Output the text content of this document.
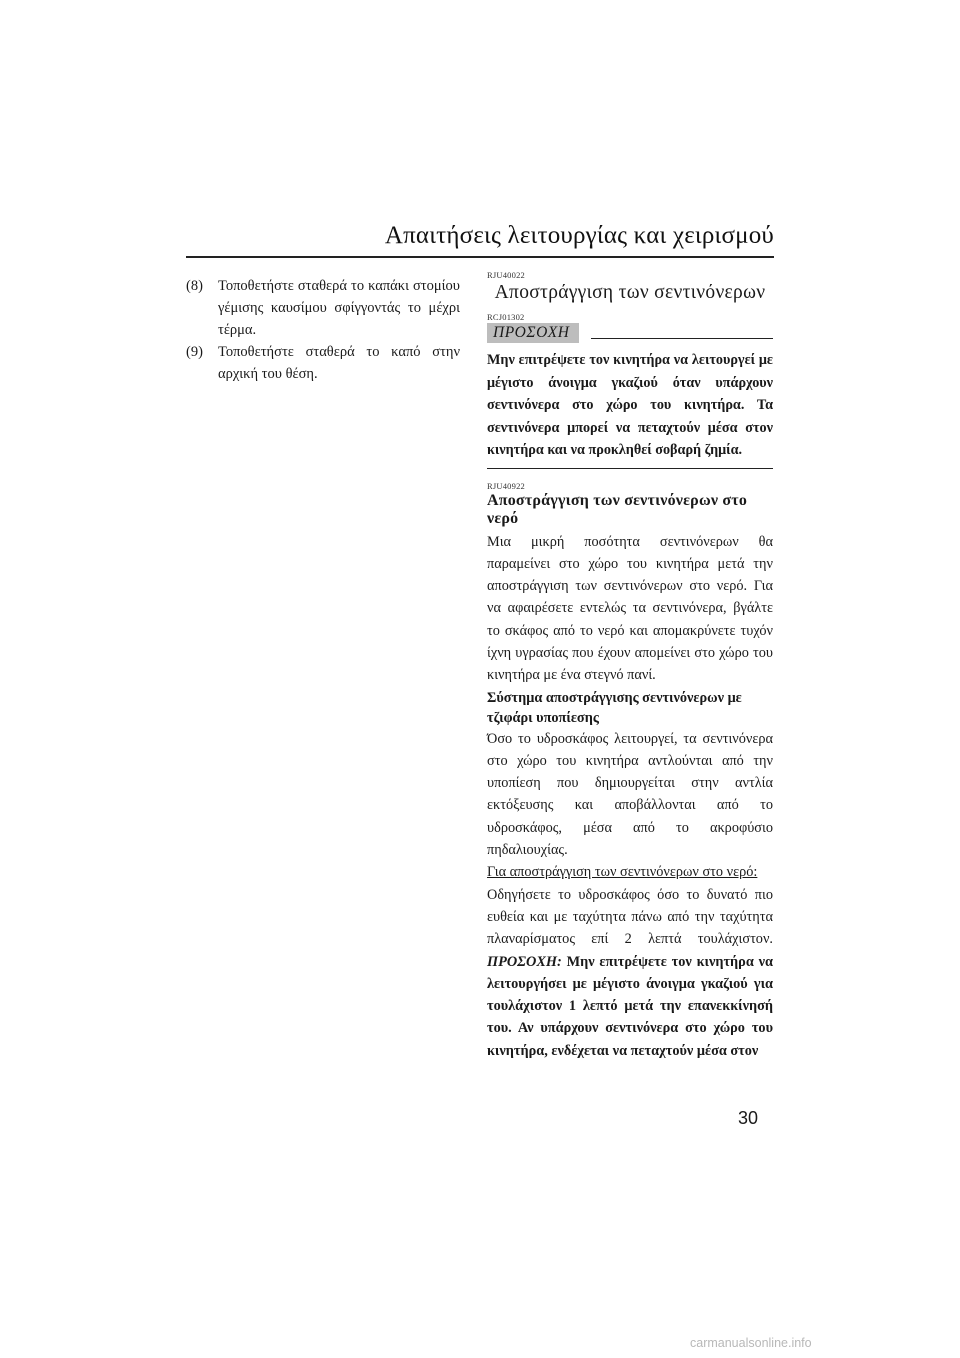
Απαιτήσεις λειτουργίας και χειρισμού
(8)	Τοποθετήστε σταθερά το καπάκι στομίου γέμισης καυσίμου σφίγγοντάς το μέχρι τέρμα.
(9)	Τοποθετήστε σταθερά το καπό στην αρχική του θέση.
RJU40022
Αποστράγγιση των σεντινόνερων
RCJ01302
ΠΡΟΣΟΧΗ
Μην επιτρέψετε τον κινητήρα να λειτουργεί με μέγιστο άνοιγμα γκαζιού όταν υπάρχουν σεντινόνερα στο χώρο του κινητήρα. Τα σεντινόνερα μπορεί να πεταχτούν μέσα στον κινητήρα και να προκληθεί σοβαρή ζημία.
RJU40922
Αποστράγγιση των σεντινόνερων στο νερό
Μια μικρή ποσότητα σεντινόνερων θα παραμείνει στο χώρο του κινητήρα μετά την αποστράγγιση των σεντινόνερων στο νερό. Για να αφαιρέσετε εντελώς τα σεντινόνερα, βγάλτε το σκάφος από το νερό και απομακρύνετε τυχόν ίχνη υγρασίας που έχουν απομείνει στο χώρο του κινητήρα με ένα στεγνό πανί.
Σύστημα αποστράγγισης σεντινόνερων με τζιφάρι υποπίεσης
Όσο το υδροσκάφος λειτουργεί, τα σεντινόνερα στο χώρο του κινητήρα αντλούνται από την υποπίεση που δημιουργείται στην αντλία εκτόξευσης και αποβάλλονται από το υδροσκάφος, μέσα από το ακροφύσιο πηδαλιουχίας.
Για αποστράγγιση των σεντινόνερων στο νερό:
Οδηγήσετε το υδροσκάφος όσο το δυνατό πιο ευθεία και με ταχύτητα πάνω από την ταχύτητα πλαναρίσματος επί 2 λεπτά τουλάχιστον. ΠΡΟΣΟΧΗ: Μην επιτρέψετε τον κινητήρα να λειτουργήσει με μέγιστο άνοιγμα γκαζιού για τουλάχιστον 1 λεπτό μετά την επανεκκίνησή του. Αν υπάρχουν σεντινόνερα στο χώρο του κινητήρα, ενδέχεται να πεταχτούν μέσα στον
30
carmanualsonline.info
